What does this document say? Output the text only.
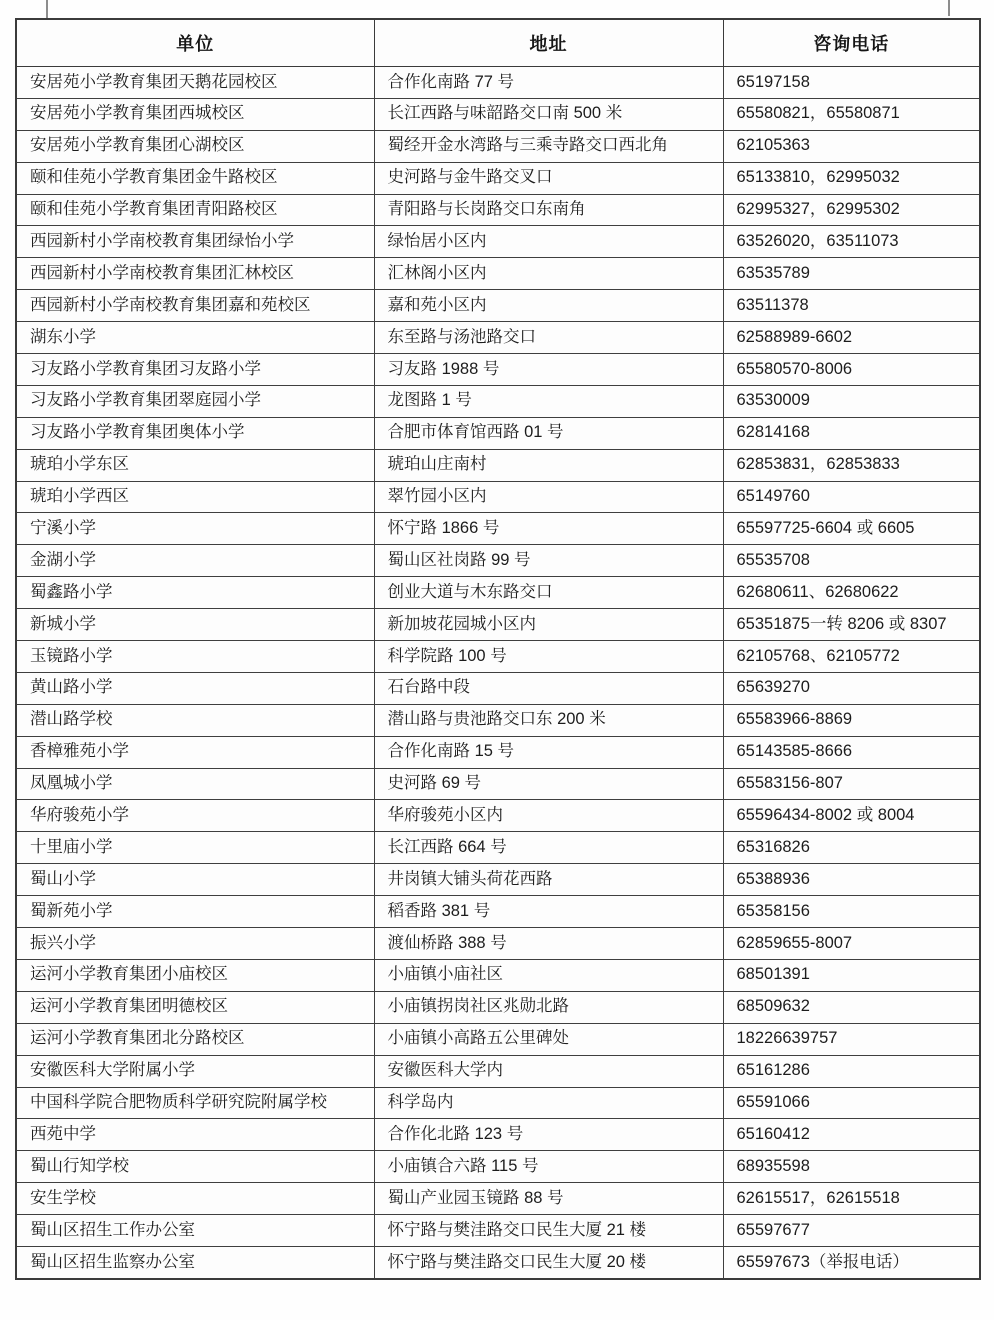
单位	地址	咨询电话
安居苑小学教育集团天鹅花园校区	合作化南路 77 号	65197158
安居苑小学教育集团西城校区	长江西路与味韶路交口南 500 米	65580821，65580871
安居苑小学教育集团心湖校区	蜀经开金水湾路与三乘寺路交口西北角	62105363
颐和佳苑小学教育集团金牛路校区	史河路与金牛路交叉口	65133810，62995032
颐和佳苑小学教育集团青阳路校区	青阳路与长岗路交口东南角	62995327，62995302
西园新村小学南校教育集团绿怡小学	绿怡居小区内	63526020，63511073
西园新村小学南校教育集团汇林校区	汇林阁小区内	63535789
西园新村小学南校教育集团嘉和苑校区	嘉和苑小区内	63511378
湖东小学	东至路与汤池路交口	62588989-6602
习友路小学教育集团习友路小学	习友路 1988 号	65580570-8006
习友路小学教育集团翠庭园小学	龙图路 1 号	63530009
习友路小学教育集团奥体小学	合肥市体育馆西路 01 号	62814168
琥珀小学东区	琥珀山庄南村	62853831，62853833
琥珀小学西区	翠竹园小区内	65149760
宁溪小学	怀宁路 1866 号	65597725-6604 或 6605
金湖小学	蜀山区社岗路 99 号	65535708
蜀鑫路小学	创业大道与木东路交口	62680611、62680622
新城小学	新加坡花园城小区内	65351875一转 8206 或 8307
玉镜路小学	科学院路 100 号	62105768、62105772
黄山路小学	石台路中段	65639270
潜山路学校	潜山路与贵池路交口东 200 米	65583966-8869
香樟雅苑小学	合作化南路 15 号	65143585-8666
凤凰城小学	史河路 69 号	65583156-807
华府骏苑小学	华府骏苑小区内	65596434-8002 或 8004
十里庙小学	长江西路 664 号	65316826
蜀山小学	井岗镇大铺头荷花西路	65388936
蜀新苑小学	稻香路 381 号	65358156
振兴小学	渡仙桥路 388 号	62859655-8007
运河小学教育集团小庙校区	小庙镇小庙社区	68501391
运河小学教育集团明德校区	小庙镇拐岗社区兆勋北路	68509632
运河小学教育集团北分路校区	小庙镇小高路五公里碑处	18226639757
安徽医科大学附属小学	安徽医科大学内	65161286
中国科学院合肥物质科学研究院附属学校	科学岛内	65591066
西苑中学	合作化北路 123 号	65160412
蜀山行知学校	小庙镇合六路 115 号	68935598
安生学校	蜀山产业园玉镜路 88 号	62615517，62615518
蜀山区招生工作办公室	怀宁路与樊洼路交口民生大厦 21 楼	65597677
蜀山区招生监察办公室	怀宁路与樊洼路交口民生大厦 20 楼	65597673（举报电话）
